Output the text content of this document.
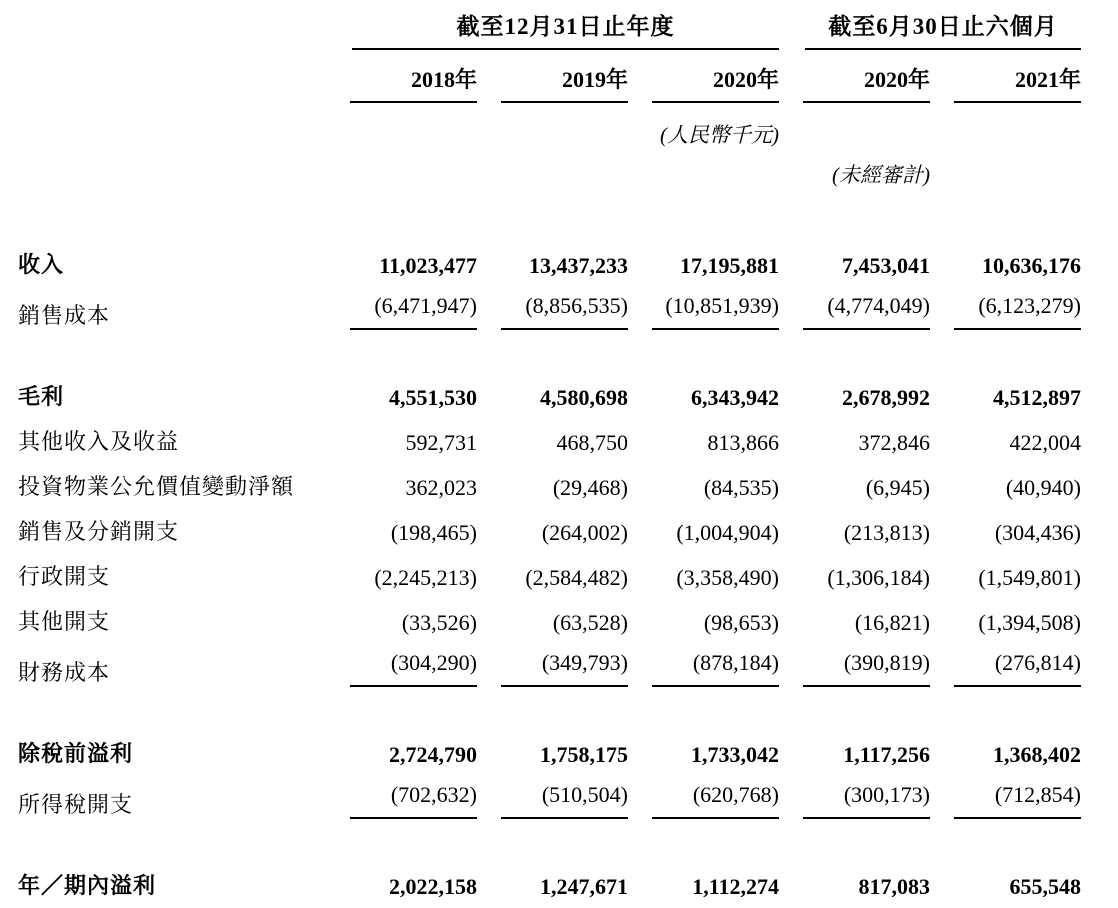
截至12月31日止年度	截至6月30日止六個月
2018年	2019年	2020年	2020年	2021年
(人民幣千元)
(未經審計)
收入	11,023,477	13,437,233	17,195,881	7,453,041	10,636,176
銷售成本	(6,471,947)	(8,856,535)	(10,851,939)	(4,774,049)	(6,123,279)
毛利	4,551,530	4,580,698	6,343,942	2,678,992	4,512,897
其他收入及收益	592,731	468,750	813,866	372,846	422,004
投資物業公允價值變動淨額	362,023	(29,468)	(84,535)	(6,945)	(40,940)
銷售及分銷開支	(198,465)	(264,002)	(1,004,904)	(213,813)	(304,436)
行政開支	(2,245,213)	(2,584,482)	(3,358,490)	(1,306,184)	(1,549,801)
其他開支	(33,526)	(63,528)	(98,653)	(16,821)	(1,394,508)
財務成本	(304,290)	(349,793)	(878,184)	(390,819)	(276,814)
除稅前溢利	2,724,790	1,758,175	1,733,042	1,117,256	1,368,402
所得稅開支	(702,632)	(510,504)	(620,768)	(300,173)	(712,854)
年／期內溢利	2,022,158	1,247,671	1,112,274	817,083	655,548
